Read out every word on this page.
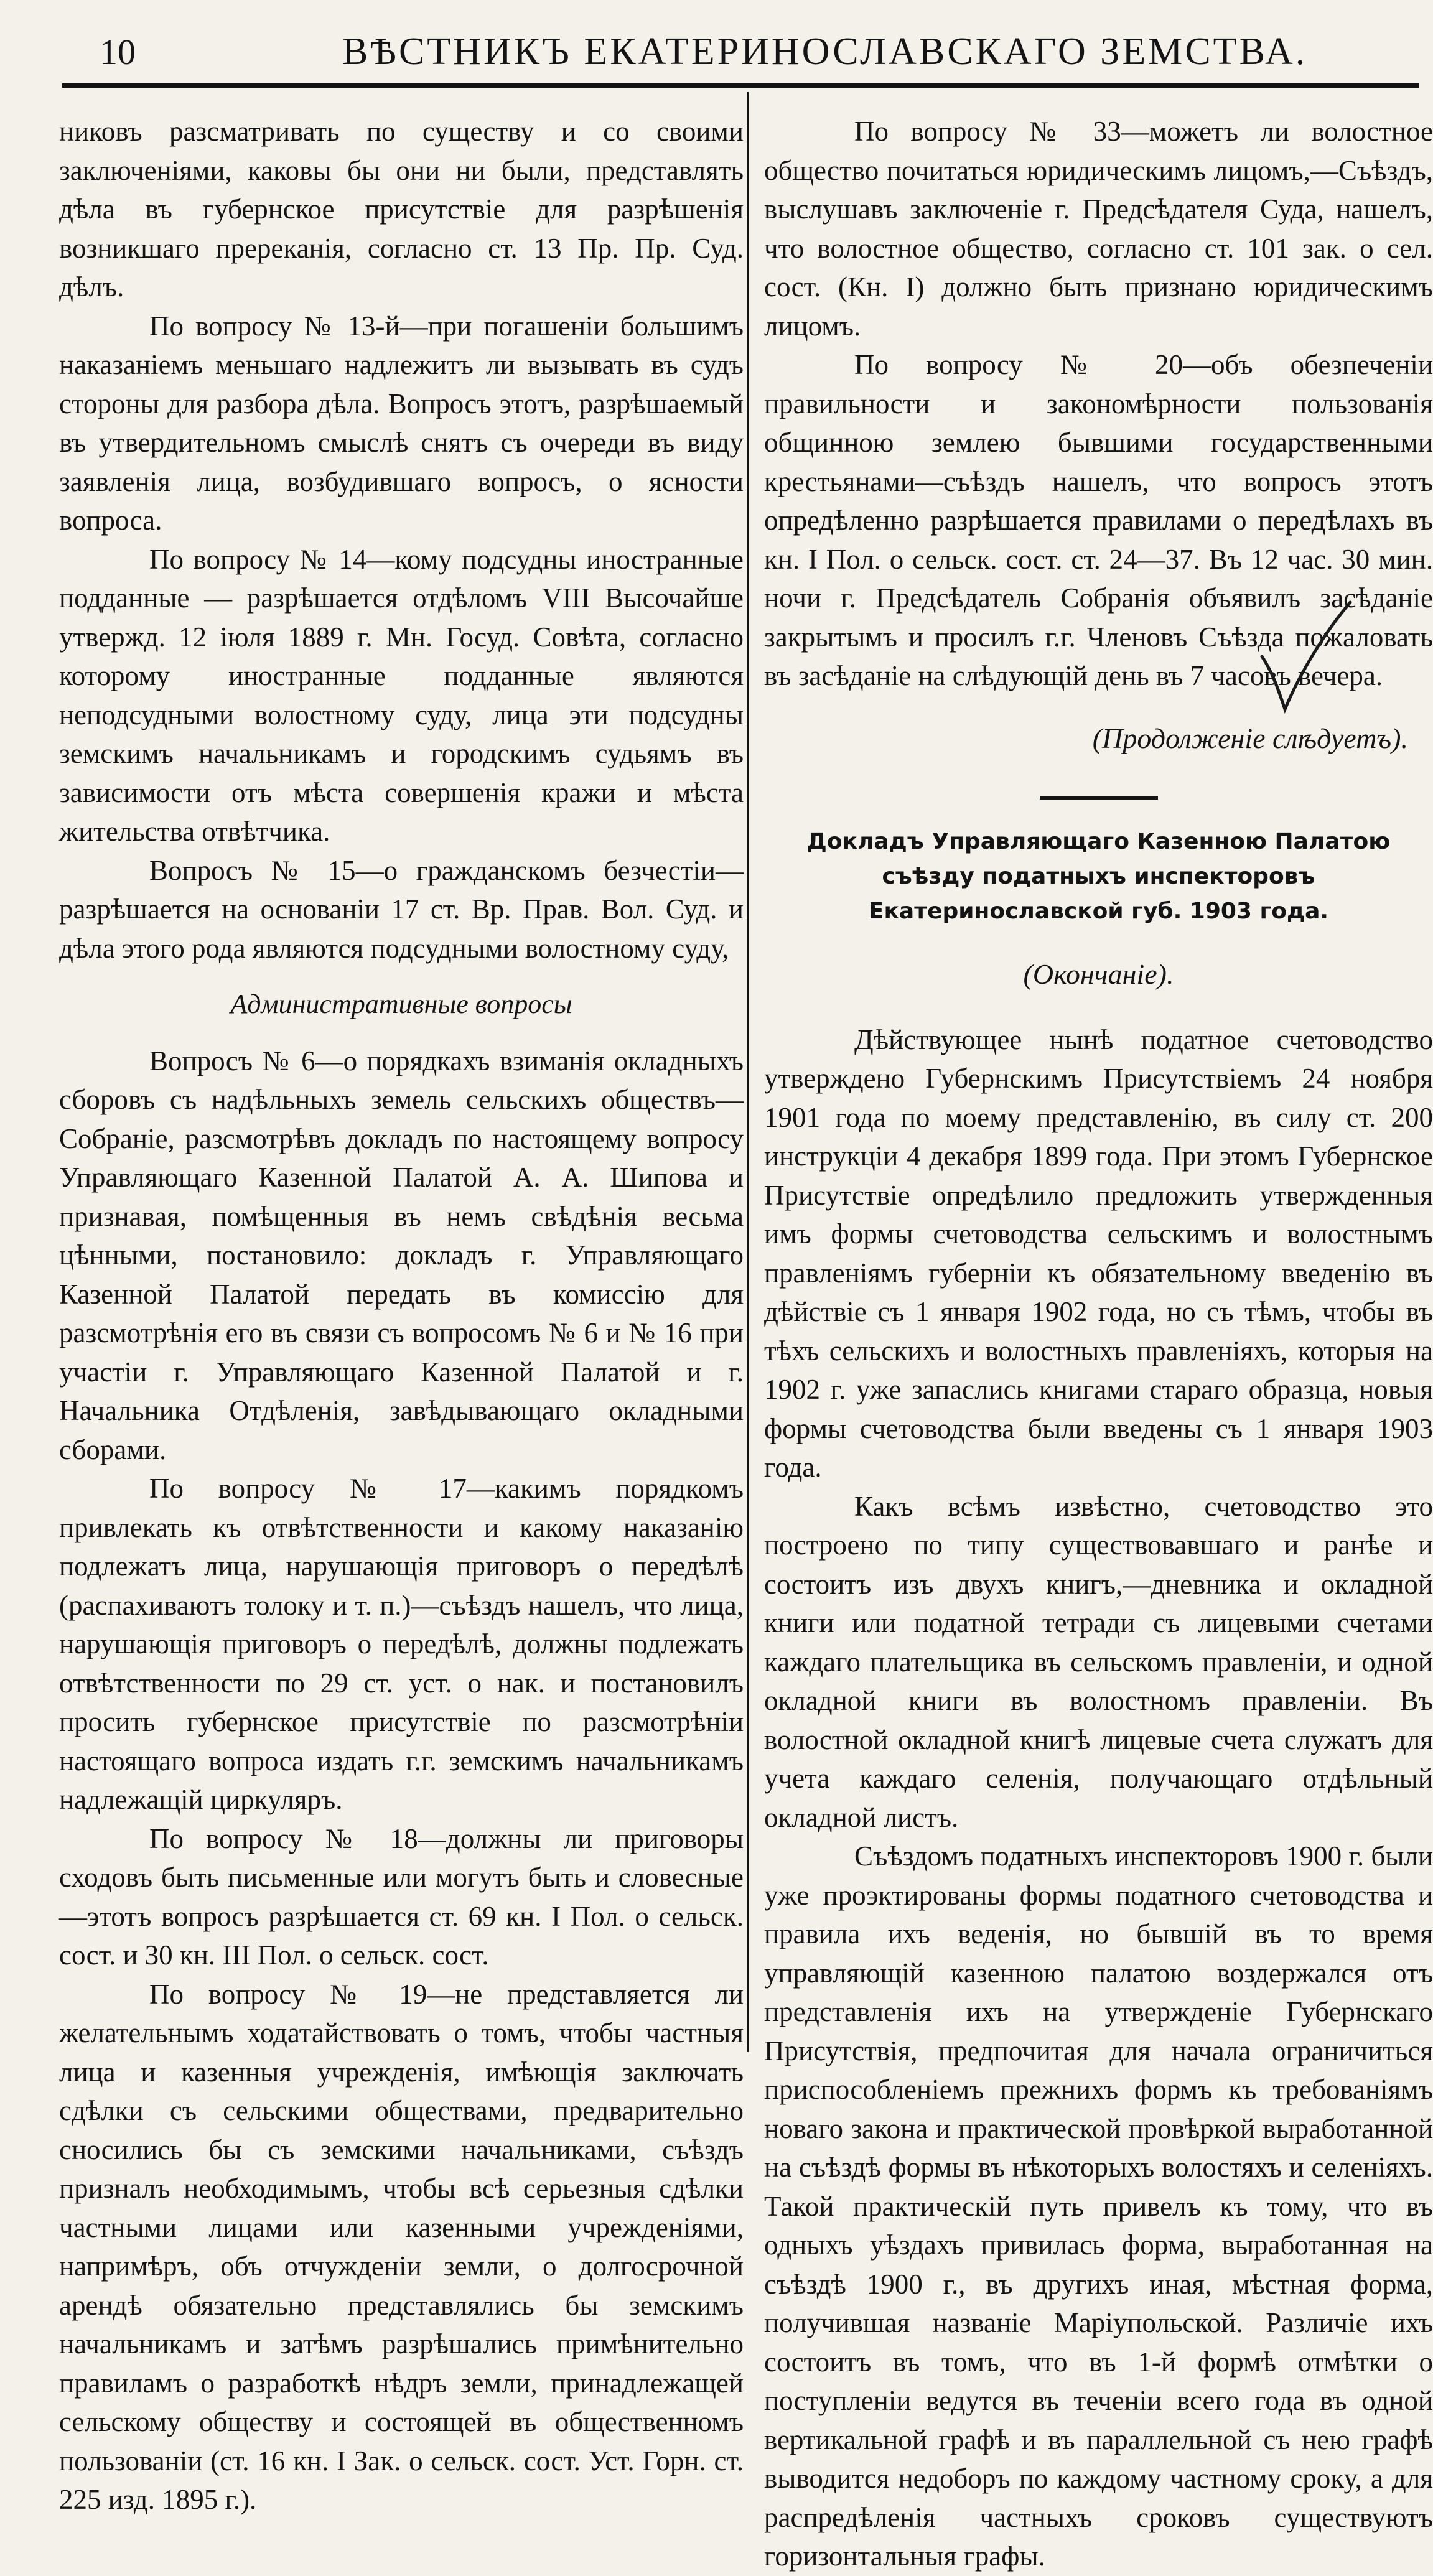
10	ВѢСТНИКЪ ЕКАТЕРИНОСЛАВСКАГО ЗЕМСТВА.

никовъ разсматривать по существу и со своими заключеніями, каковы бы они ни были, представлять дѣла въ губернское присутствіе для разрѣшенія возникшаго пререканія, согласно ст. 13 Пр. Пр. Суд. дѣлъ.

По вопросу № 13-й—при погашеніи большимъ наказаніемъ меньшаго надлежитъ ли вызывать въ судъ стороны для разбора дѣла. Вопросъ этотъ, разрѣшаемый въ утвердительномъ смыслѣ снятъ съ очереди въ виду заявленія лица, возбудившаго вопросъ, о ясности вопроса.

По вопросу № 14—кому подсудны иностранные подданные — разрѣшается отдѣломъ VIII Высочайше утвержд. 12 іюля 1889 г. Мн. Госуд. Совѣта, согласно которому иностранные подданные являются неподсудными волостному суду, лица эти подсудны земскимъ начальникамъ и городскимъ судьямъ въ зависимости отъ мѣста совершенія кражи и мѣста жительства отвѣтчика.

Вопросъ № 15—о гражданскомъ безчестіи—разрѣшается на основаніи 17 ст. Вр. Прав. Вол. Суд. и дѣла этого рода являются подсудными волостному суду,

Административные вопросы

Вопросъ № 6—о порядкахъ взиманія окладныхъ сборовъ съ надѣльныхъ земель сельскихъ обществъ—Собраніе, разсмотрѣвъ докладъ по настоящему вопросу Управляющаго Казенной Палатой А. А. Шипова и признавая, помѣщенныя въ немъ свѣдѣнія весьма цѣнными, постановило: докладъ г. Управляющаго Казенной Палатой передать въ комиссію для разсмотрѣнія его въ связи съ вопросомъ № 6 и № 16 при участіи г. Управляющаго Казенной Палатой и г. Начальника Отдѣленія, завѣдывающаго окладными сборами.

По вопросу № 17—какимъ порядкомъ привлекать къ отвѣтственности и какому наказанію подлежатъ лица, нарушающія приговоръ о передѣлѣ (распахиваютъ толоку и т. п.)—съѣздъ нашелъ, что лица, нарушающія приговоръ о передѣлѣ, должны подлежать отвѣтственности по 29 ст. уст. о нак. и постановилъ просить губернское присутствіе по разсмотрѣніи настоящаго вопроса издать г.г. земскимъ начальникамъ надлежащій циркуляръ.

По вопросу № 18—должны ли приговоры сходовъ быть письменные или могутъ быть и словесные—этотъ вопросъ разрѣшается ст. 69 кн. I Пол. о сельск. сост. и 30 кн. III Пол. о сельск. сост.

По вопросу № 19—не представляется ли желательнымъ ходатайствовать о томъ, чтобы частныя лица и казенныя учрежденія, имѣющія заключать сдѣлки съ сельскими обществами, предварительно сносились бы съ земскими начальниками, съѣздъ призналъ необходимымъ, чтобы всѣ серьезныя сдѣлки частными лицами или казенными учрежденіями, напримѣръ, объ отчужденіи земли, о долгосрочной арендѣ обязательно представлялись бы земскимъ начальникамъ и затѣмъ разрѣшались примѣнительно правиламъ о разработкѣ нѣдръ земли, принадлежащей сельскому обществу и состоящей въ общественномъ пользованіи (ст. 16 кн. I Зак. о сельск. сост. Уст. Горн. ст. 225 изд. 1895 г.).

По вопросу № 33—можетъ ли волостное общество почитаться юридическимъ лицомъ,—Съѣздъ, выслушавъ заключеніе г. Предсѣдателя Суда, нашелъ, что волостное общество, согласно ст. 101 зак. о сел. сост. (Кн. I) должно быть признано юридическимъ лицомъ.

По вопросу № 20—объ обезпеченіи правильности и закономѣрности пользованія общинною землею бывшими государственными крестьянами—съѣздъ нашелъ, что вопросъ этотъ опредѣленно разрѣшается правилами о передѣлахъ въ кн. I Пол. о сельск. сост. ст. 24—37. Въ 12 час. 30 мин. ночи г. Предсѣдатель Собранія объявилъ засѣданіе закрытымъ и просилъ г.г. Членовъ Съѣзда пожаловать въ засѣданіе на слѣдующій день въ 7 часовъ вечера.

(Продолженіе слѣдуетъ).
Докладъ Управляющаго Казенною Палатою съѣзду податныхъ инспекторовъ Екатеринославской губ. 1903 года.
(Окончаніе).

Дѣйствующее нынѣ податное счетоводство утверждено Губернскимъ Присутствіемъ 24 ноября 1901 года по моему представленію, въ силу ст. 200 инструкціи 4 декабря 1899 года. При этомъ Губернское Присутствіе опредѣлило предложить утвержденныя имъ формы счетоводства сельскимъ и волостнымъ правленіямъ губерніи къ обязательному введенію въ дѣйствіе съ 1 января 1902 года, но съ тѣмъ, чтобы въ тѣхъ сельскихъ и волостныхъ правленіяхъ, которыя на 1902 г. уже запаслись книгами стараго образца, новыя формы счетоводства были введены съ 1 января 1903 года.

Какъ всѣмъ извѣстно, счетоводство это построено по типу существовавшаго и ранѣе и состоитъ изъ двухъ книгъ,—дневника и окладной книги или податной тетради съ лицевыми счетами каждаго плательщика въ сельскомъ правленіи, и одной окладной книги въ волостномъ правленіи. Въ волостной окладной книгѣ лицевые счета служатъ для учета каждаго селенія, получающаго отдѣльный окладной листъ.

Съѣздомъ податныхъ инспекторовъ 1900 г. были уже проэктированы формы податного счетоводства и правила ихъ веденія, но бывшій въ то время управляющій казенною палатою воздержался отъ представленія ихъ на утвержденіе Губернскаго Присутствія, предпочитая для начала ограничиться приспособленіемъ прежнихъ формъ къ требованіямъ новаго закона и практической провѣркой выработанной на съѣздѣ формы въ нѣкоторыхъ волостяхъ и селеніяхъ. Такой практическій путь привелъ къ тому, что въ одныхъ уѣздахъ привилась форма, выработанная на съѣздѣ 1900 г., въ другихъ иная, мѣстная форма, получившая названіе Маріупольской. Различіе ихъ состоитъ въ томъ, что въ 1-й формѣ отмѣтки о поступленіи ведутся въ теченіи всего года въ одной вертикальной графѣ и въ параллельной съ нею графѣ выводится недоборъ по каждому частному сроку, а для распредѣленія частныхъ сроковъ существуютъ горизонтальныя графы.
